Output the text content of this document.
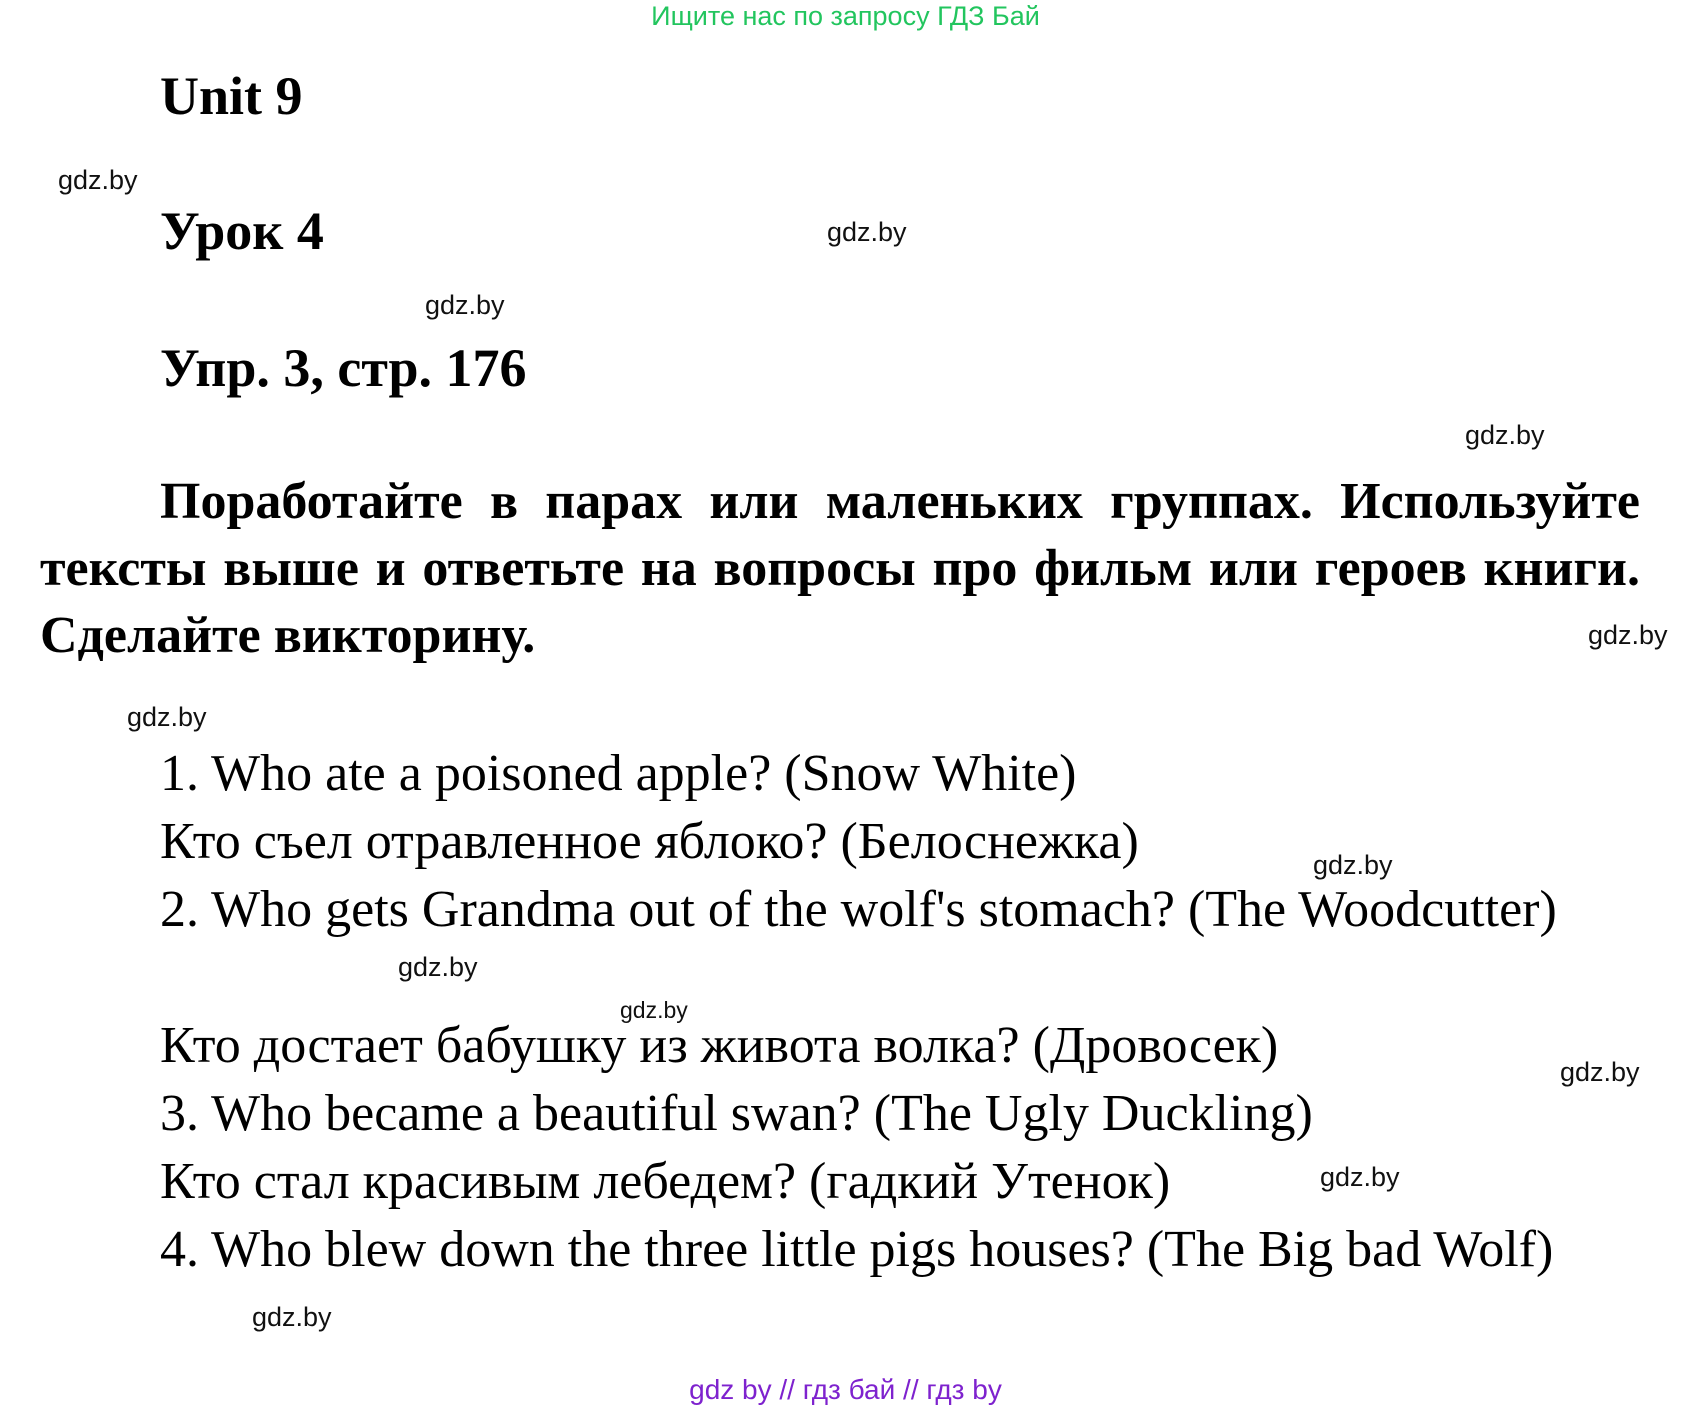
Ищите нас по запросу ГДЗ Бай
Unit 9
Урок 4
Упр. 3, стр. 176
Поработайте в парах или маленьких группах. Используйте тексты выше и ответьте на вопросы про фильм или героев книги. Сделайте викторину.
1. Who ate a poisoned apple? (Snow White)
Кто съел отравленное яблоко? (Белоснежка)
2. Who gets Grandma out of the wolf's stomach? (The Woodcutter)
Кто достает бабушку из живота волка? (Дровосек)
3. Who became a beautiful swan? (The Ugly Duckling)
Кто стал красивым лебедем? (гадкий Утенок)
4. Who blew down the three little pigs houses? (The Big bad Wolf)
gdz.by
gdz.by
gdz.by
gdz.by
gdz.by
gdz.by
gdz.by
gdz.by
gdz.by
gdz.by
gdz.by
gdz.by
gdz by // гдз бай // гдз by
